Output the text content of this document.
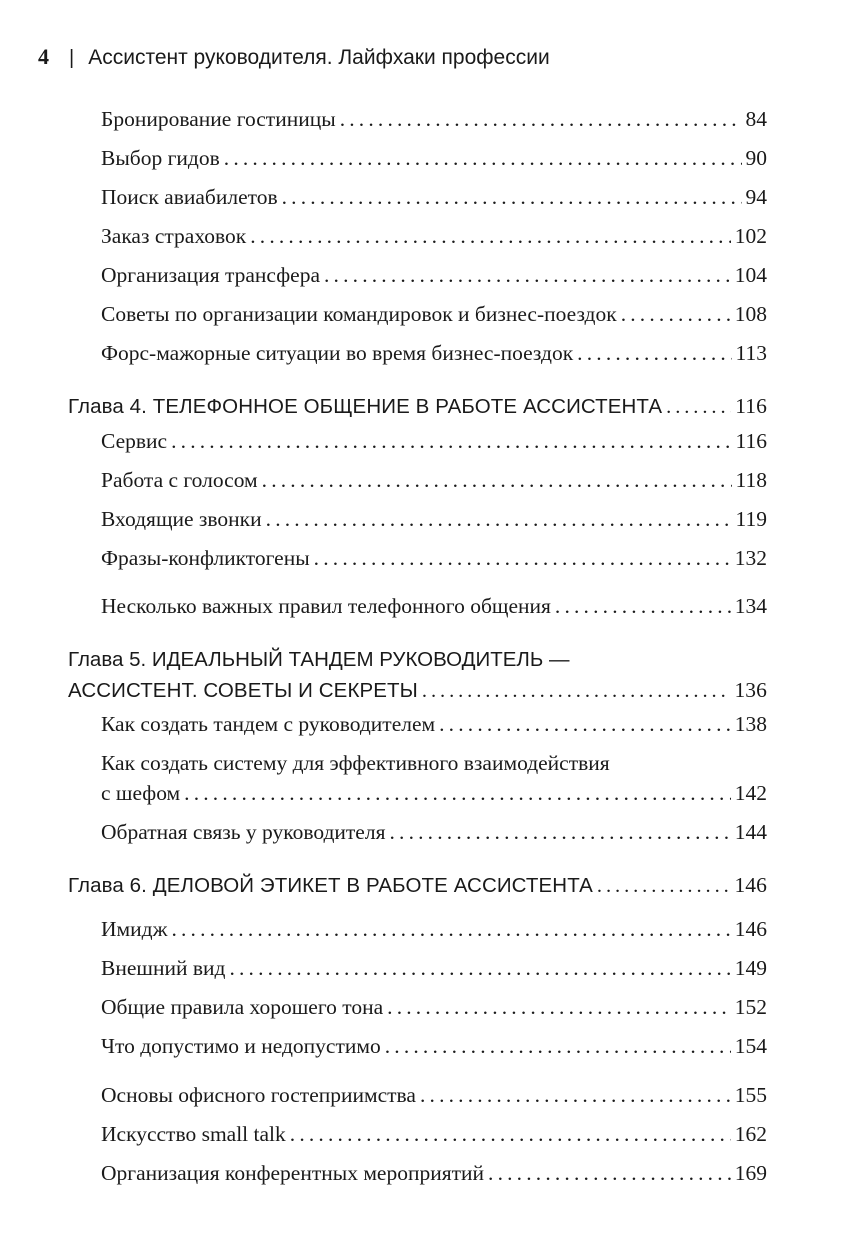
4 | Ассистент руководителя. Лайфхаки профессии
Бронирование гостиницы . . .	84
Выбор гидов . . .	90
Поиск авиабилетов . . .	94
Заказ страховок . . .	102
Организация трансфера . . .	104
Советы по организации командировок и бизнес-поездок . . .	108
Форс-мажорные ситуации во время бизнес-поездок . . .	113
Глава 4. ТЕЛЕФОННОЕ ОБЩЕНИЕ В РАБОТЕ АССИСТЕНТА . . .	116
Сервис . . .	116
Работа с голосом . . .	118
Входящие звонки . . .	119
Фразы-конфликтогены . . .	132
Несколько важных правил телефонного общения . . .	134
Глава 5. ИДЕАЛЬНЫЙ ТАНДЕМ РУКОВОДИТЕЛЬ —
АССИСТЕНТ. СОВЕТЫ И СЕКРЕТЫ . . .	136
Как создать тандем с руководителем . . .	138
Как создать систему для эффективного взаимодействия
с шефом . . .	142
Обратная связь у руководителя . . .	144
Глава 6. ДЕЛОВОЙ ЭТИКЕТ В РАБОТЕ АССИСТЕНТА . . .	146
Имидж . . .	146
Внешний вид . . .	149
Общие правила хорошего тона . . .	152
Что допустимо и недопустимо . . .	154
Основы офисного гостеприимства . . .	155
Искусство small talk . . .	162
Организация конферентных мероприятий . . .	169
